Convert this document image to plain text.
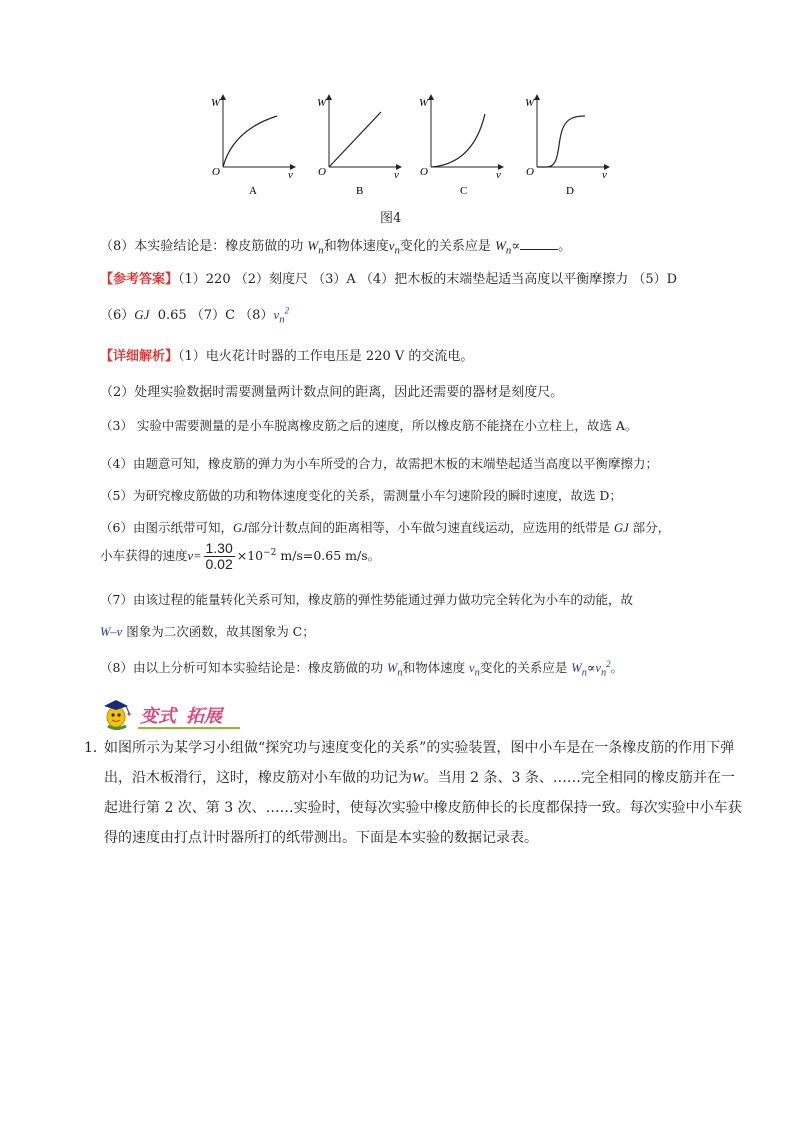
W
v
O
A
W
v
O
B
W
v
O
C
W
v
O
D
图4
（8）本实验结论是：橡皮筋做的功 $W_n$和物体速度$v_n$变化的关系应是 $W_n\propto$	。
【参考答案】（1）220 （2）刻度尺 （3）A （4）把木板的末端垫起适当高度以平衡摩擦力 （5）D
（6）GJ 0.65 （7）C $(8)v_n^2$
【详细解析】（1）电火花计时器的工作电压是 220 V 的交流电。
（2）处理实验数据时需要测量两计数点间的距离，因此还需要的器材是刻度尺。
（3） 实验中需要测量的是小车脱离橡皮筋之后的速度，所以橡皮筋不能挠在小立柱上，故选 A。
（4）由题意可知，橡皮筋的弹力为小车所受的合力，故需把木板的末端垫起适当高度以平衡摩擦力；
（5）为研究橡皮筋做的功和物体速度变化的关系，需测量小车匀速阶段的瞬时速度，故选 D；
（6）由图示纸带可知，GJ部分计数点间的距离相等，小车做匀速直线运动，应选用的纸带是 GJ 部分，
小车获得的速度$v= \frac{1.30}{0.02} \times 10^{-2}$ m/s=0.65 m/s。
（7）由该过程的能量转化关系可知，橡皮筋的弹性势能通过弹力做功完全转化为小车的动能，故
W–v 图象为二次函数，故其图象为 C；
（8）由以上分析可知本实验结论是：橡皮筋做的功 $W_n$和物体速度 $v_n$变化的关系应是 $W_n\propto v_n^2$。
变式 拓展
1．
如图所示为某学习小组做“探究功与速度变化的关系”的实验装置，图中小车是在一条橡皮筋的作用下弹
出，沿木板滑行，这时，橡皮筋对小车做的功记为W。当用 2 条、3 条、……完全相同的橡皮筋并在一
起进行第 2 次、第 3 次、……实验时，使每次实验中橡皮筋伸长的长度都保持一致。每次实验中小车获
得的速度由打点计时器所打的纸带测出。下面是本实验的数据记录表。
